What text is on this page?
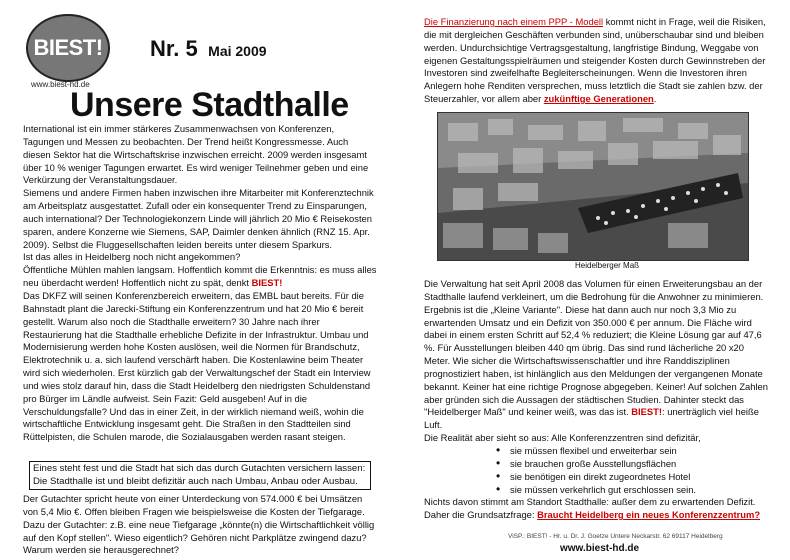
BIEST!
www.biest-hd.de
Nr. 5 Mai 2009
Unsere Stadthalle

International ist ein immer stärkeres Zusammenwachsen von Konferenzen, Tagungen und Messen zu beobachten. Der Trend heißt Kongressmesse. Auch diesen Sektor hat die Wirtschaftskrise inzwischen erreicht. 2009 werden insgesamt über 10 % weniger Tagungen erwartet. Es wird weniger Teilnehmer geben und eine Verkürzung der Veranstaltungsdauer.

Siemens und andere Firmen haben inzwischen ihre Mitarbeiter mit Konferenztechnik am Arbeitsplatz ausgestattet. Zufall oder ein konsequenter Trend zu Einsparungen, auch international? Der Technologiekonzern Linde will jährlich 20 Mio € Reisekosten sparen, andere Konzerne wie Siemens, SAP, Daimler denken ähnlich (RNZ 15. Apr. 2009). Selbst die Fluggesellschaften leiden bereits unter diesem Sparkurs.

Ist das alles in Heidelberg noch nicht angekommen?

Öffentliche Mühlen mahlen langsam. Hoffentlich kommt die Erkenntnis: es muss alles neu überdacht werden! Hoffentlich nicht zu spät, denkt BIEST!

Das DKFZ will seinen Konferenzbereich erweitern, das EMBL baut bereits. Für die Bahnstadt plant die Jarecki-Stiftung ein Konferenzzentrum und hat 20 Mio € bereit gestellt. Warum also noch die Stadthalle erweitern? 30 Jahre nach ihrer Restaurierung hat die Stadthalle erhebliche Defizite in der Infrastruktur. Umbau und Modernisierung werden hohe Kosten auslösen, weil die Normen für Brandschutz, Elektrotechnik u. a. sich laufend verschärft haben. Die Kostenlawine beim Theater wird sich wiederholen. Erst kürzlich gab der Verwaltungschef der Stadt ein Interview und wies stolz darauf hin, dass die Stadt Heidelberg den niedrigsten Schuldenstand pro Bürger im Ländle aufweist. Sein Fazit: Geld ausgeben! Auf in die Verschuldungsfalle? Und das in einer Zeit, in der wirklich niemand weiß, wohin die wirtschaftliche Entwicklung insgesamt geht. Die Straßen in den Stadtteilen sind Rüttelpisten, die Schulen marode, die Sozialausgaben werden rasant steigen.

Eines steht fest und die Stadt hat sich das durch Gutachten versichern lassen:
Die Stadthalle ist und bleibt defizitär auch nach Umbau, Anbau oder Ausbau.

Der Gutachter spricht heute von einer Unterdeckung von 574.000 € bei Umsätzen von 5,4 Mio €. Offen bleiben Fragen wie beispielsweise die Kosten der Tiefgarage. Dazu der Gutachter: z.B. eine neue Tiefgarage „könnte(n) die Wirtschaftlichkeit völlig auf den Kopf stellen". Wieso eigentlich? Gehören nicht Parkplätze zwingend dazu? Warum werden sie herausgerechnet?

Die Finanzierung nach einem PPP - Modell kommt nicht in Frage, weil die Risiken, die mit dergleichen Geschäften verbunden sind, unüberschaubar sind und bleiben werden. Undurchsichtige Vertragsgestaltung, langfristige Bindung, Weggabe von eigenen Gestaltungsspielräumen und steigender Kosten durch Gewinnstreben der Investoren sind zweifelhafte Begleiterscheinungen. Wenn die Investoren ihren Anlegern hohe Renditen versprechen, muss letztlich die Stadt sie zahlen bzw. der Steuerzahler, vor allem aber zukünftige Generationen.

Heidelberger Maß

Die Verwaltung hat seit April 2008 das Volumen für einen Erweiterungsbau an der Stadthalle laufend verkleinert, um die Bedrohung für die Anwohner zu minimieren. Ergebnis ist die „Kleine Variante". Diese hat dann auch nur noch 3,3 Mio zu erwartenden Umsatz und ein Defizit von 350.000 € per annum. Die Fläche wird dabei in einem ersten Schritt auf 52,4 % reduziert; die Kleine Lösung gar auf 47,6 %. Für Ausstellungen bleiben 440 qm übrig. Das sind rund lächerliche 20 x20 Meter. Wie sicher die Wirtschaftswissenschaftler und ihre Randdisziplinen prognostiziert haben, ist hinlänglich aus den Meldungen der vergangenen Monate bekannt. Keiner hat eine richtige Prognose abgegeben. Keiner! Auf solchen Zahlen aber gründen sich die Aussagen der städtischen Studien. Dahinter steckt das "Heidelberger Maß" und keiner weiß, was das ist. BIEST!: unerträglich viel heiße Luft.

Die Realität aber sieht so aus: Alle Konferenzzentren sind defizitär,

• sie müssen flexibel und erweiterbar sein
• sie brauchen große Ausstellungsflächen
• sie benötigen ein direkt zugeordnetes Hotel
• sie müssen verkehrlich gut erschlossen sein.

Nichts davon stimmt am Standort Stadthalle: außer dem zu erwartenden Defizit.

Daher die Grundsatzfrage: Braucht Heidelberg ein neues Konferenzzentrum?

ViSP.: BIEST! - Hr. u. Dr. J. Goetze Untere Neckarstr. 62 69117 Heidelberg
www.biest-hd.de
